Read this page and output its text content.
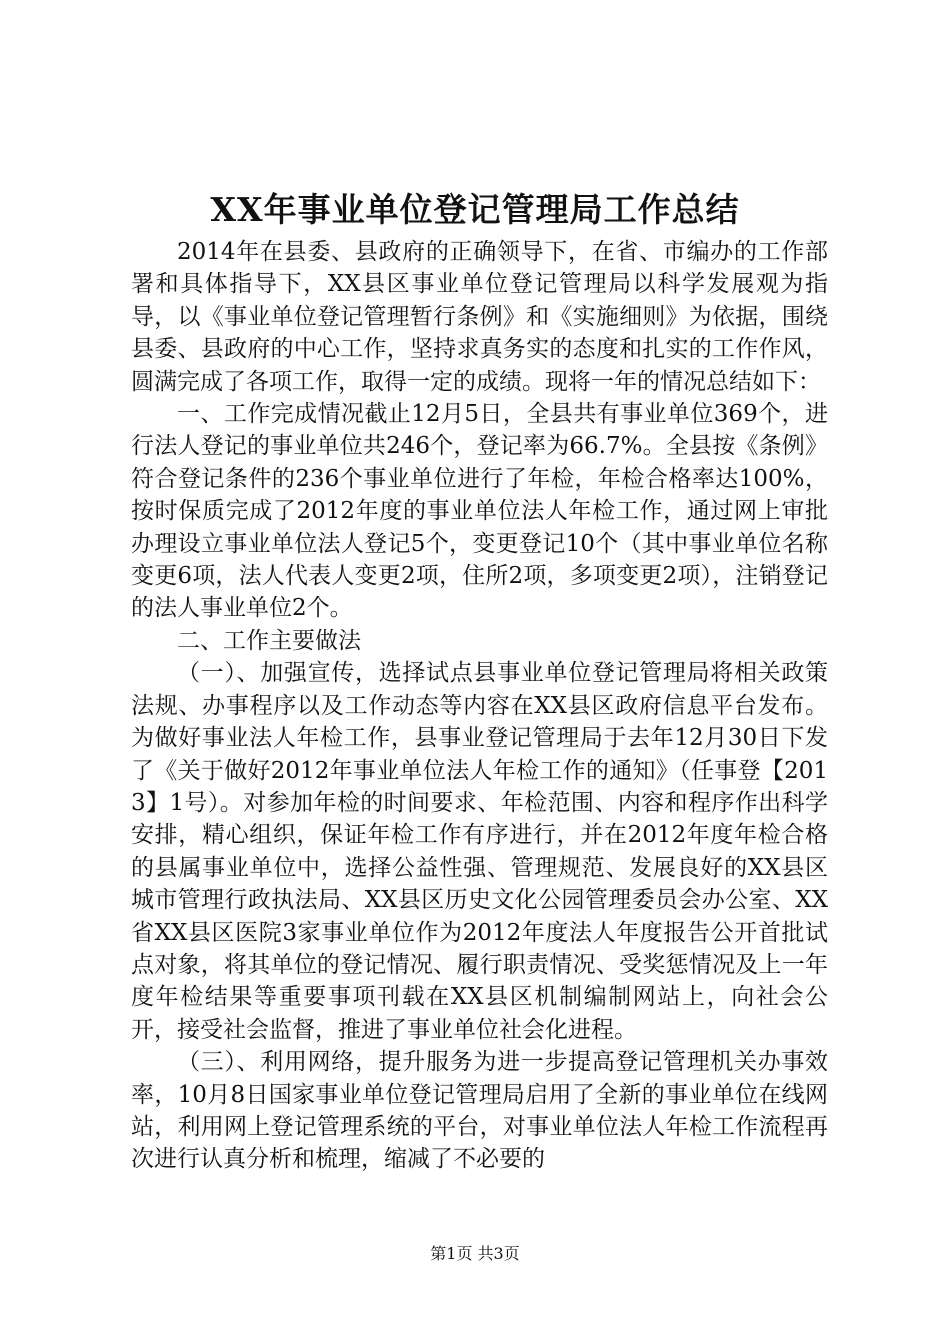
XX年事业单位登记管理局工作总结

2014年在县委、县政府的正确领导下，在省、市编办的工作部署和具体指导下，XX县区事业单位登记管理局以科学发展观为指导，以《事业单位登记管理暂行条例》和《实施细则》为依据，围绕县委、县政府的中心工作，坚持求真务实的态度和扎实的工作作风，圆满完成了各项工作，取得一定的成绩。现将一年的情况总结如下：

一、工作完成情况截止12月5日，全县共有事业单位369个，进行法人登记的事业单位共246个，登记率为66.7%。全县按《条例》符合登记条件的236个事业单位进行了年检，年检合格率达100%，按时保质完成了2012年度的事业单位法人年检工作，通过网上审批办理设立事业单位法人登记5个，变更登记10个（其中事业单位名称变更6项，法人代表人变更2项，住所2项，多项变更2项），注销登记的法人事业单位2个。

二、工作主要做法

（一）、加强宣传，选择试点县事业单位登记管理局将相关政策法规、办事程序以及工作动态等内容在XX县区政府信息平台发布。为做好事业法人年检工作，县事业登记管理局于去年12月30日下发了《关于做好2012年事业单位法人年检工作的通知》（任事登【2013】1号）。对参加年检的时间要求、年检范围、内容和程序作出科学安排，精心组织，保证年检工作有序进行，并在2012年度年检合格的县属事业单位中，选择公益性强、管理规范、发展良好的XX县区城市管理行政执法局、XX县区历史文化公园管理委员会办公室、XX省XX县区医院3家事业单位作为2012年度法人年度报告公开首批试点对象，将其单位的登记情况、履行职责情况、受奖惩情况及上一年度年检结果等重要事项刊载在XX县区机制编制网站上，向社会公开，接受社会监督，推进了事业单位社会化进程。

（三）、利用网络，提升服务为进一步提高登记管理机关办事效率，10月8日国家事业单位登记管理局启用了全新的事业单位在线网站，利用网上登记管理系统的平台，对事业单位法人年检工作流程再次进行认真分析和梳理，缩减了不必要的

第1页 共3页
